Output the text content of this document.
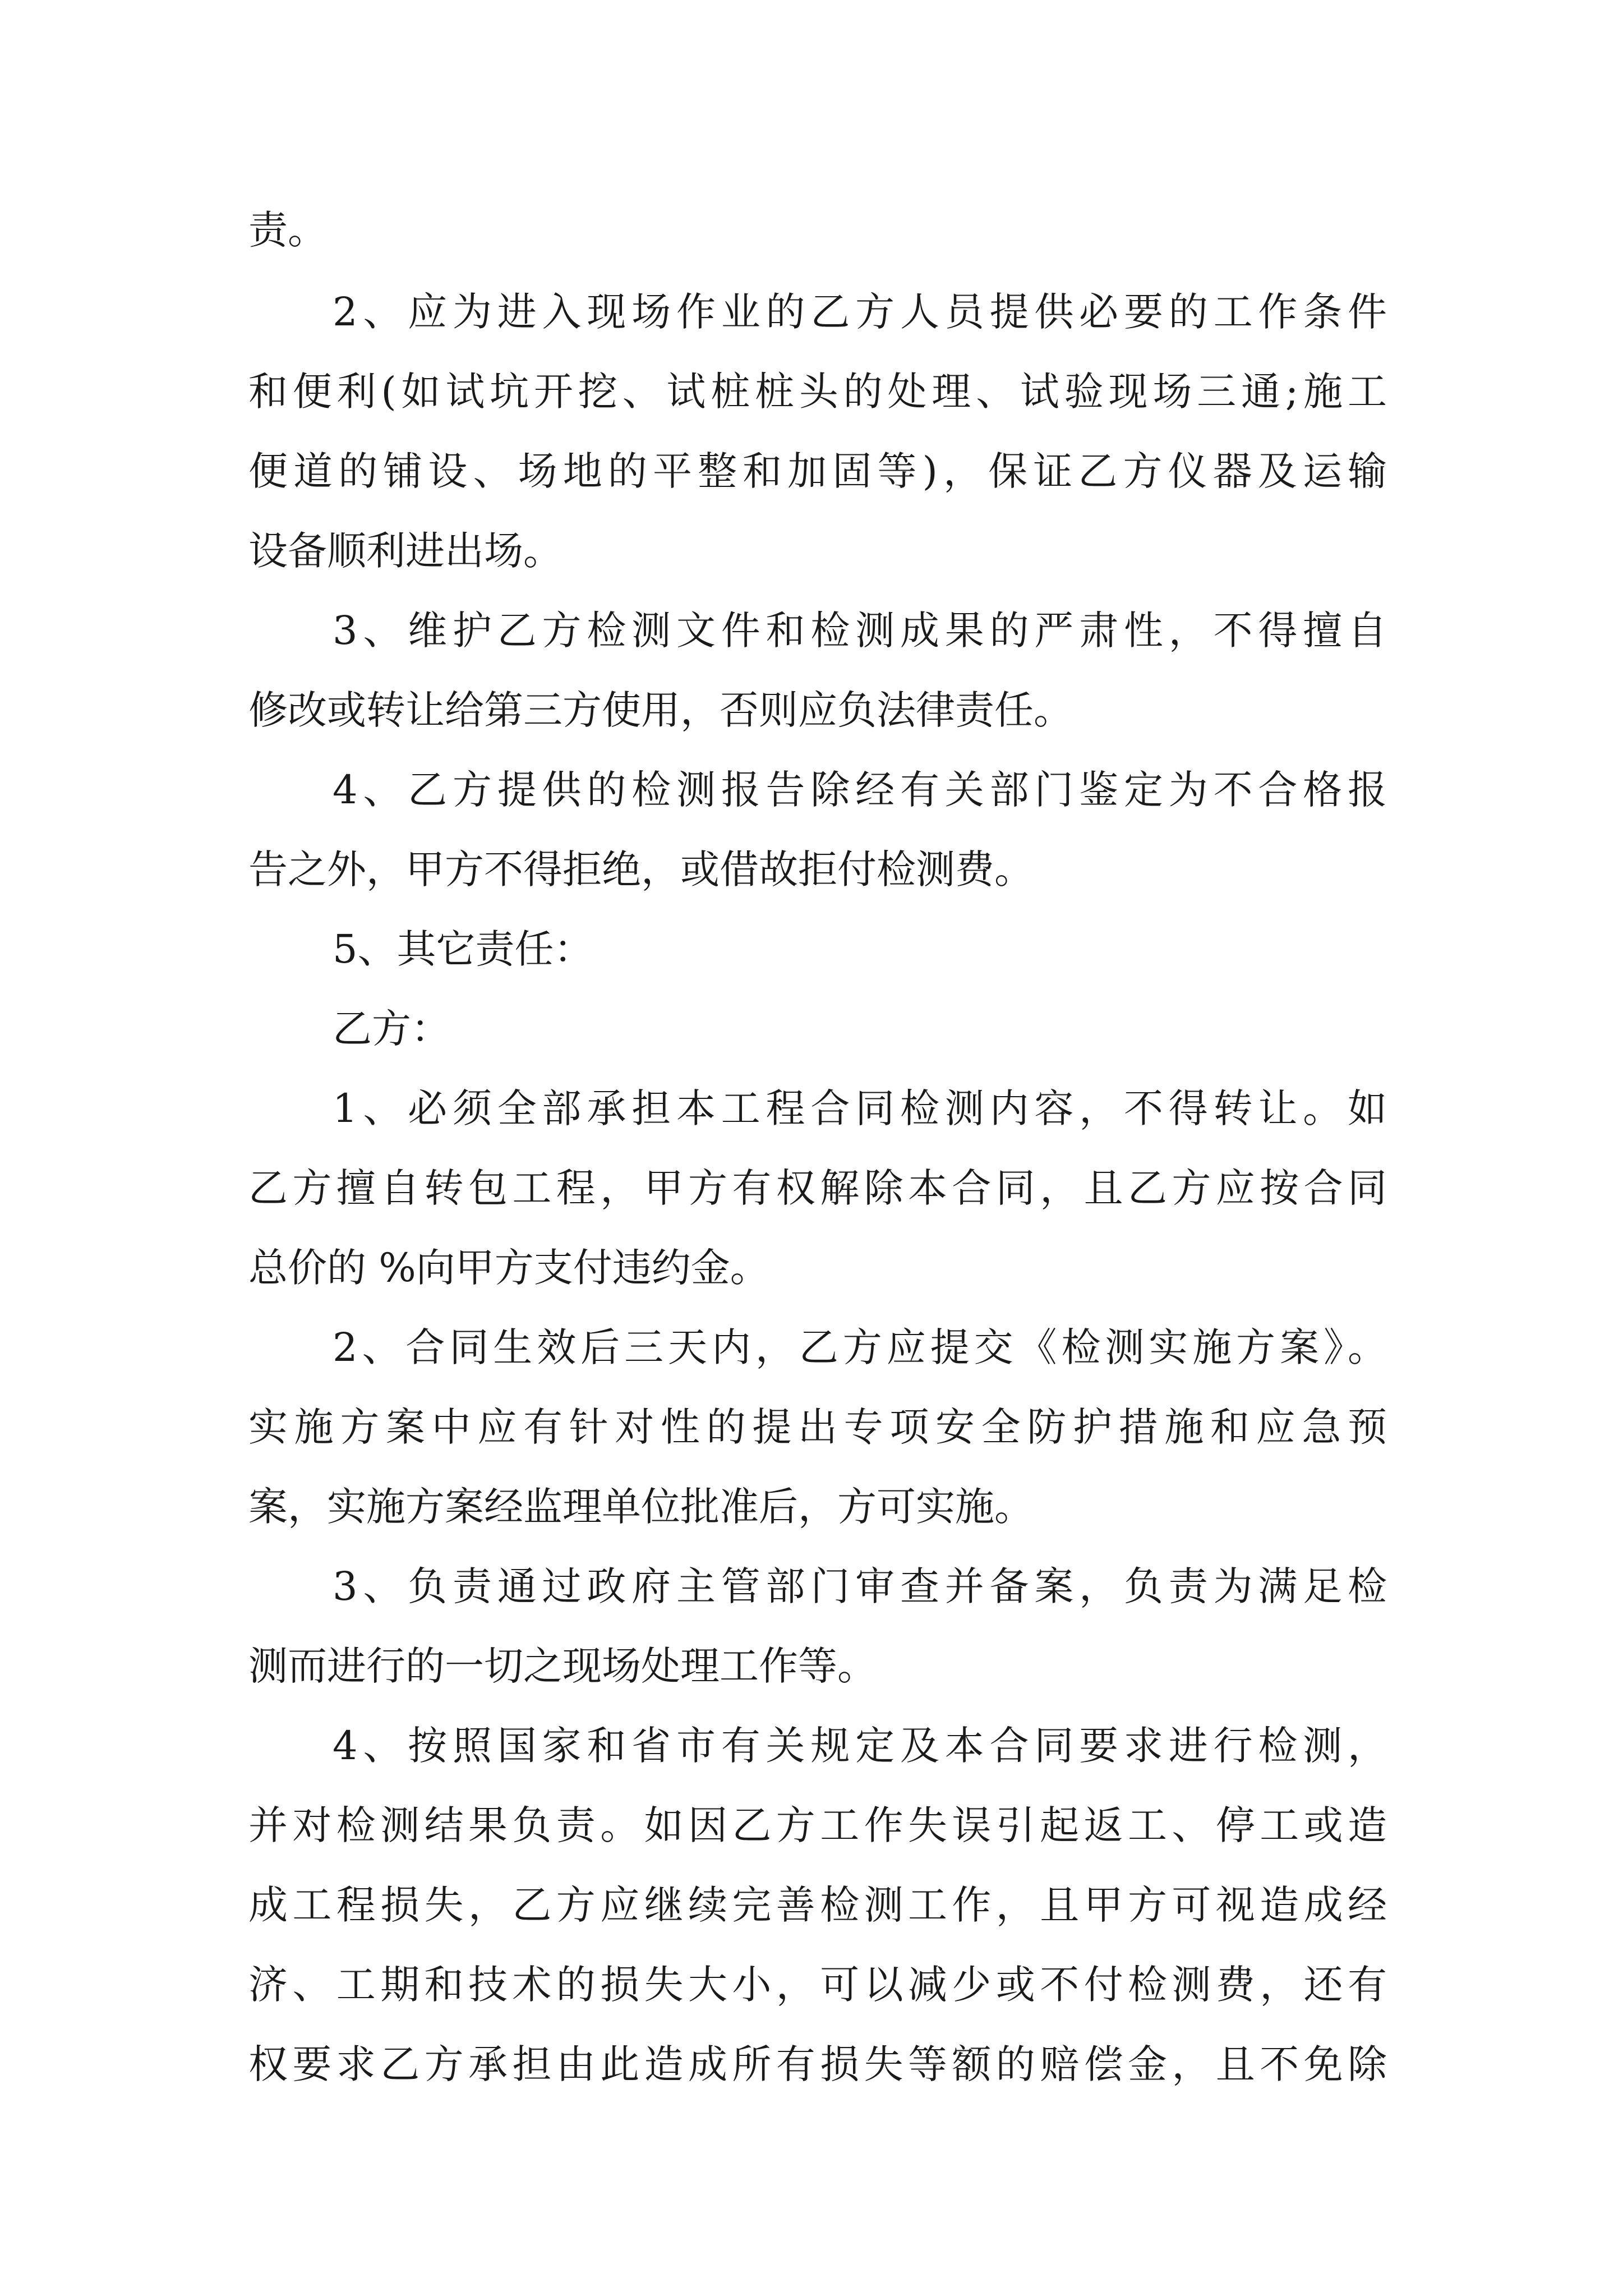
责。
2、应为进入现场作业的乙方人员提供必要的工作条件
和便利(如试坑开挖、试桩桩头的处理、试验现场三通;施工
便道的铺设、场地的平整和加固等)，保证乙方仪器及运输
设备顺利进出场。
3、维护乙方检测文件和检测成果的严肃性，不得擅自
修改或转让给第三方使用，否则应负法律责任。
4、乙方提供的检测报告除经有关部门鉴定为不合格报
告之外，甲方不得拒绝，或借故拒付检测费。
5、其它责任：
乙方：
1、必须全部承担本工程合同检测内容，不得转让。如
乙方擅自转包工程，甲方有权解除本合同，且乙方应按合同
总价的 %向甲方支付违约金。
2、合同生效后三天内，乙方应提交《检测实施方案》。
实施方案中应有针对性的提出专项安全防护措施和应急预
案，实施方案经监理单位批准后，方可实施。
3、负责通过政府主管部门审查并备案，负责为满足检
测而进行的一切之现场处理工作等。
4、按照国家和省市有关规定及本合同要求进行检测，
并对检测结果负责。如因乙方工作失误引起返工、停工或造
成工程损失，乙方应继续完善检测工作，且甲方可视造成经
济、工期和技术的损失大小，可以减少或不付检测费，还有
权要求乙方承担由此造成所有损失等额的赔偿金，且不免除
